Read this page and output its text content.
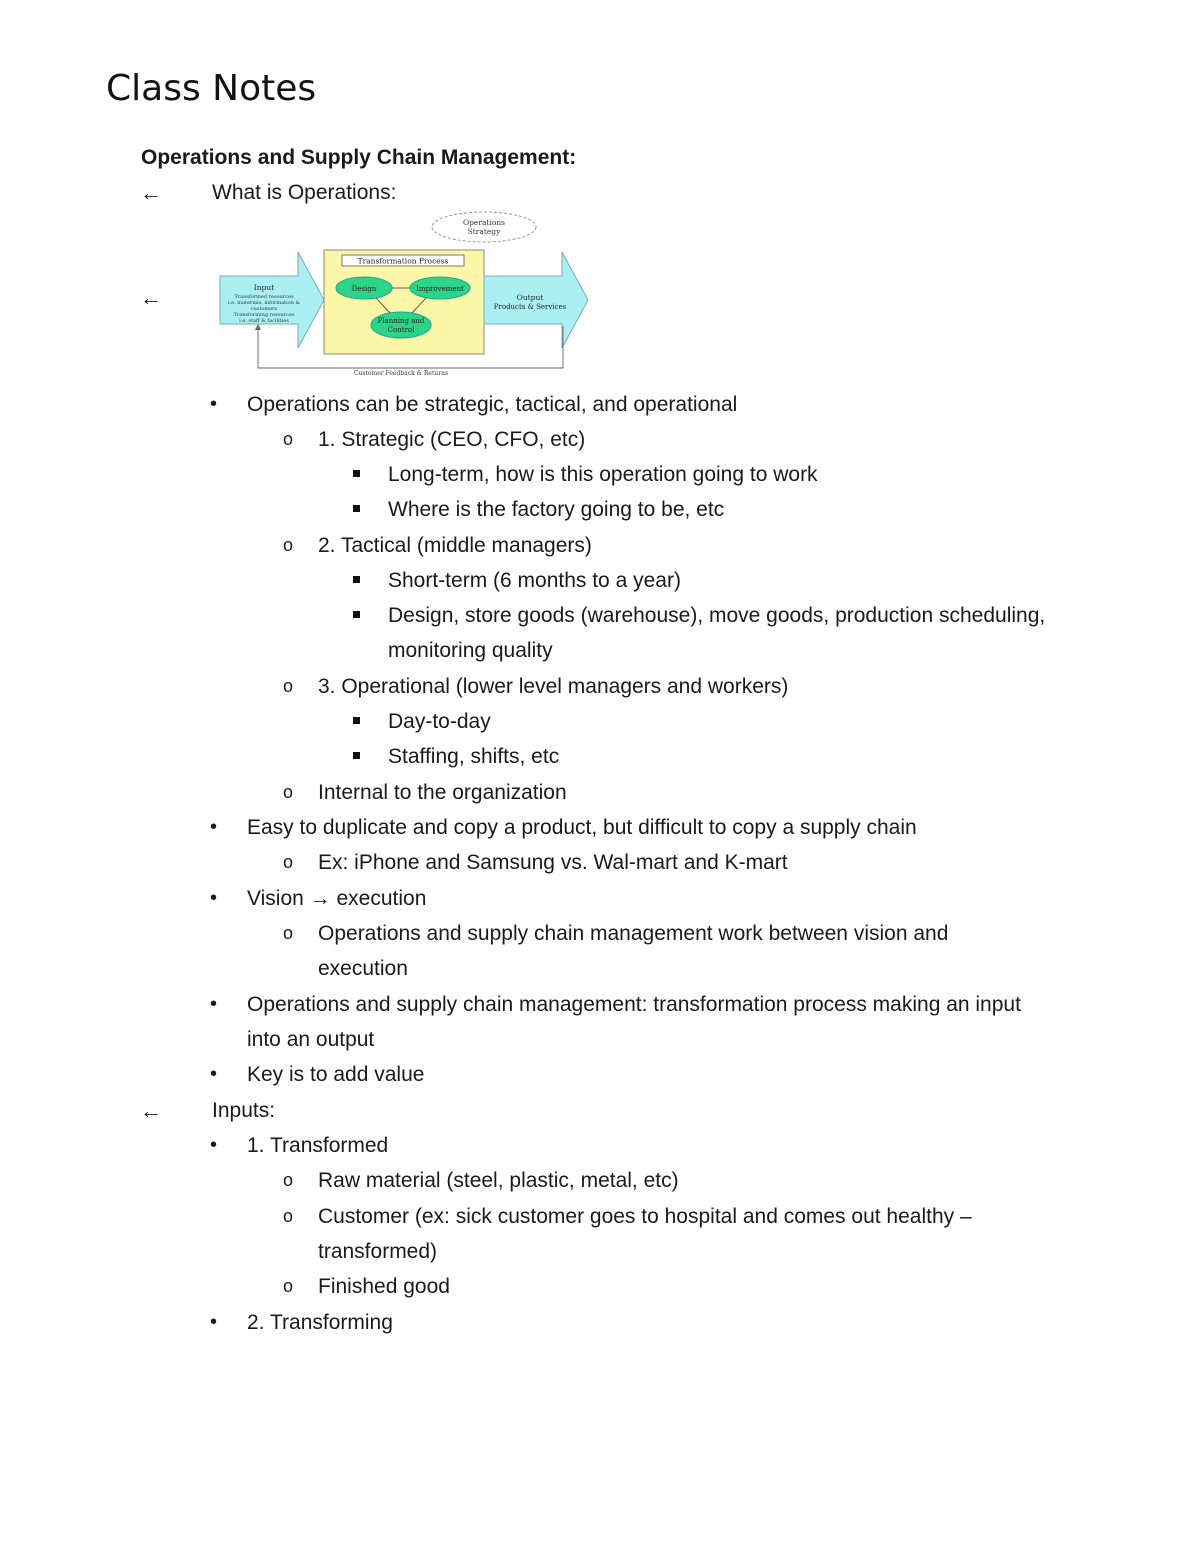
Class Notes
Operations and Supply Chain Management:
← What is Operations:
←
Operations
Strategy
Input
Transformed resources
i.e. materials, information &
customers
Transforming resources
i.e. staff & facilities
Transformation Process
Design	Improvement
Planning and
Control
Output
Products & Services
Customer Feedback & Returns
• Operations can be strategic, tactical, and operational
o 1. Strategic (CEO, CFO, etc)
Long-term, how is this operation going to work
Where is the factory going to be, etc
o 2. Tactical (middle managers)
Short-term (6 months to a year)
Design, store goods (warehouse), move goods, production scheduling,
monitoring quality
o 3. Operational (lower level managers and workers)
Day-to-day
Staffing, shifts, etc
o Internal to the organization
• Easy to duplicate and copy a product, but difficult to copy a supply chain
o Ex: iPhone and Samsung vs. Wal-mart and K-mart
• Vision → execution
o Operations and supply chain management work between vision and
execution
• Operations and supply chain management: transformation process making an input
into an output
• Key is to add value
← Inputs:
• 1. Transformed
o Raw material (steel, plastic, metal, etc)
o Customer (ex: sick customer goes to hospital and comes out healthy –
transformed)
o Finished good
• 2. Transforming
